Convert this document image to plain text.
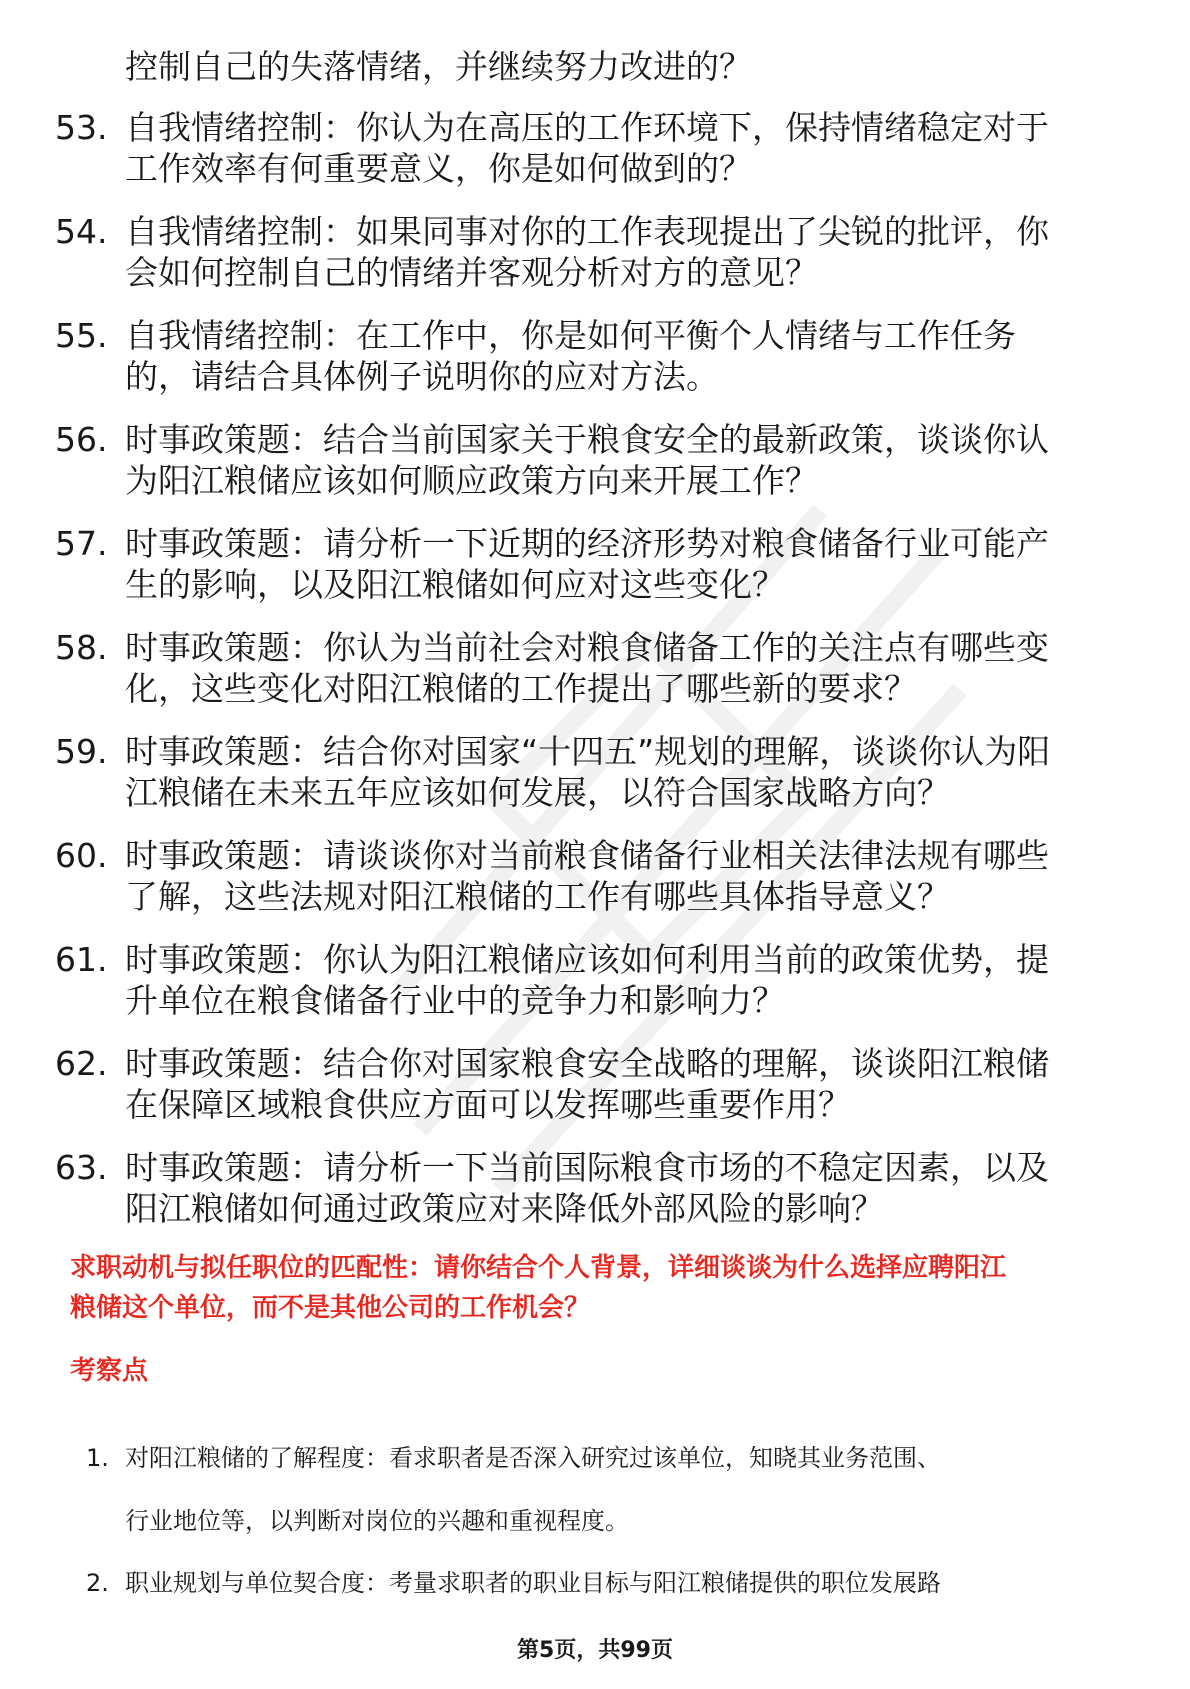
控制自己的失落情绪，并继续努力改进的？
53. 自我情绪控制：你认为在高压的工作环境下，保持情绪稳定对于
工作效率有何重要意义，你是如何做到的？
54. 自我情绪控制：如果同事对你的工作表现提出了尖锐的批评，你
会如何控制自己的情绪并客观分析对方的意见？
55. 自我情绪控制：在工作中，你是如何平衡个人情绪与工作任务
的，请结合具体例子说明你的应对方法。
56. 时事政策题：结合当前国家关于粮食安全的最新政策，谈谈你认
为阳江粮储应该如何顺应政策方向来开展工作？
57. 时事政策题：请分析一下近期的经济形势对粮食储备行业可能产
生的影响，以及阳江粮储如何应对这些变化？
58. 时事政策题：你认为当前社会对粮食储备工作的关注点有哪些变
化，这些变化对阳江粮储的工作提出了哪些新的要求？
59. 时事政策题：结合你对国家“十四五”规划的理解，谈谈你认为阳
江粮储在未来五年应该如何发展，以符合国家战略方向？
60. 时事政策题：请谈谈你对当前粮食储备行业相关法律法规有哪些
了解，这些法规对阳江粮储的工作有哪些具体指导意义？
61. 时事政策题：你认为阳江粮储应该如何利用当前的政策优势，提
升单位在粮食储备行业中的竞争力和影响力？
62. 时事政策题：结合你对国家粮食安全战略的理解，谈谈阳江粮储
在保障区域粮食供应方面可以发挥哪些重要作用？
63. 时事政策题：请分析一下当前国际粮食市场的不稳定因素，以及
阳江粮储如何通过政策应对来降低外部风险的影响？
求职动机与拟任职位的匹配性：请你结合个人背景，详细谈谈为什么选择应聘阳江
粮储这个单位，而不是其他公司的工作机会？
考察点
1. 对阳江粮储的了解程度：看求职者是否深入研究过该单位，知晓其业务范围、
行业地位等，以判断对岗位的兴趣和重视程度。
2. 职业规划与单位契合度：考量求职者的职业目标与阳江粮储提供的职位发展路
第5页，共99页
